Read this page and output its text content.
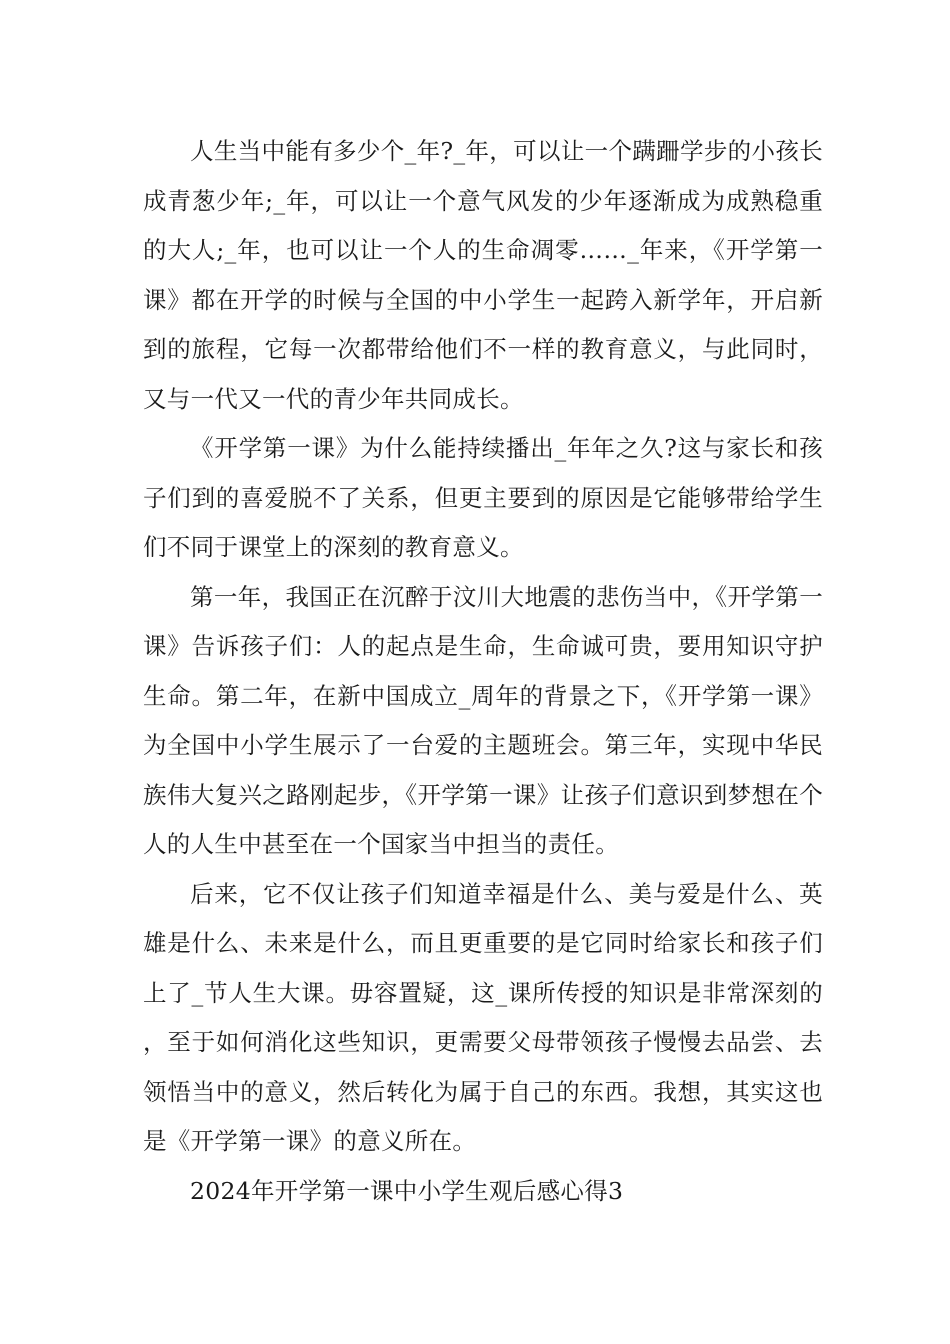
人生当中能有多少个_年?_年，可以让一个蹒跚学步的小孩长成青葱少年;_年，可以让一个意气风发的少年逐渐成为成熟稳重的大人;_年，也可以让一个人的生命凋零……_年来，《开学第一课》都在开学的时候与全国的中小学生一起跨入新学年，开启新到的旅程，它每一次都带给他们不一样的教育意义，与此同时，又与一代又一代的青少年共同成长。

《开学第一课》为什么能持续播出_年年之久?这与家长和孩子们到的喜爱脱不了关系，但更主要到的原因是它能够带给学生们不同于课堂上的深刻的教育意义。

第一年，我国正在沉醉于汶川大地震的悲伤当中，《开学第一课》告诉孩子们：人的起点是生命，生命诚可贵，要用知识守护生命。第二年，在新中国成立_周年的背景之下，《开学第一课》为全国中小学生展示了一台爱的主题班会。第三年，实现中华民族伟大复兴之路刚起步，《开学第一课》让孩子们意识到梦想在个人的人生中甚至在一个国家当中担当的责任。

后来，它不仅让孩子们知道幸福是什么、美与爱是什么、英雄是什么、未来是什么，而且更重要的是它同时给家长和孩子们上了_节人生大课。毋容置疑，这_课所传授的知识是非常深刻的，至于如何消化这些知识，更需要父母带领孩子慢慢去品尝、去领悟当中的意义，然后转化为属于自己的东西。我想，其实这也是《开学第一课》的意义所在。

2024年开学第一课中小学生观后感心得3
